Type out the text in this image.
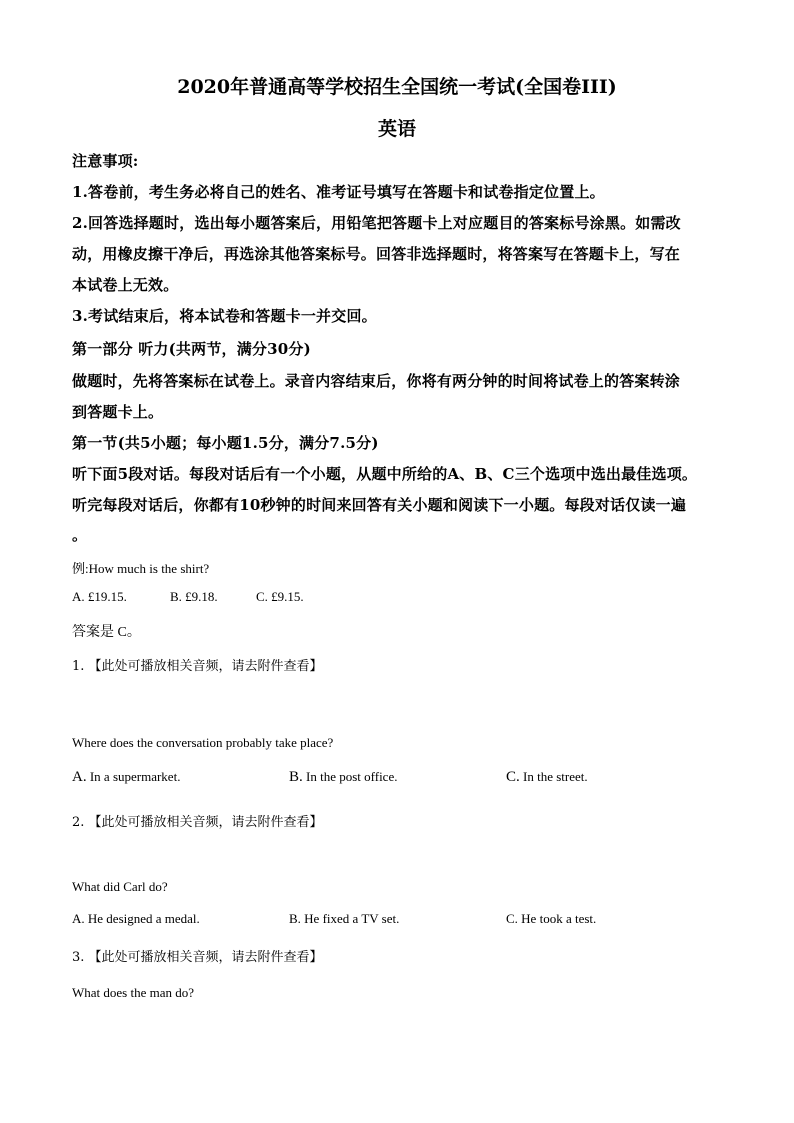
2020年普通高等学校招生全国统一考试(全国卷III)
英语
注意事项:
1.答卷前，考生务必将自己的姓名、准考证号填写在答题卡和试卷指定位置上。
2.回答选择题时，选出每小题答案后，用铅笔把答题卡上对应题目的答案标号涂黑。如需改
动，用橡皮擦干净后，再选涂其他答案标号。回答非选择题时，将答案写在答题卡上，写在
本试卷上无效。
3.考试结束后，将本试卷和答题卡一并交回。
第一部分 听力(共两节，满分30分)
做题时，先将答案标在试卷上。录音内容结束后，你将有两分钟的时间将试卷上的答案转涂
到答题卡上。
第一节(共5小题；每小题1.5分，满分7.5分)
听下面5段对话。每段对话后有一个小题，从题中所给的A、B、C三个选项中选出最佳选项。
听完每段对话后，你都有10秒钟的时间来回答有关小题和阅读下一小题。每段对话仅读一遍
。
例:How much is the shirt?
A. £19.15.	B. £9.18.	C. £9.15.
答案是 C。
1. 【此处可播放相关音频，请去附件查看】
Where does the conversation probably take place?
A. In a supermarket.	B. In the post office.	C. In the street.
2. 【此处可播放相关音频，请去附件查看】
What did Carl do?
A. He designed a medal.	B. He fixed a TV set.	C. He took a test.
3. 【此处可播放相关音频，请去附件查看】
What does the man do?
